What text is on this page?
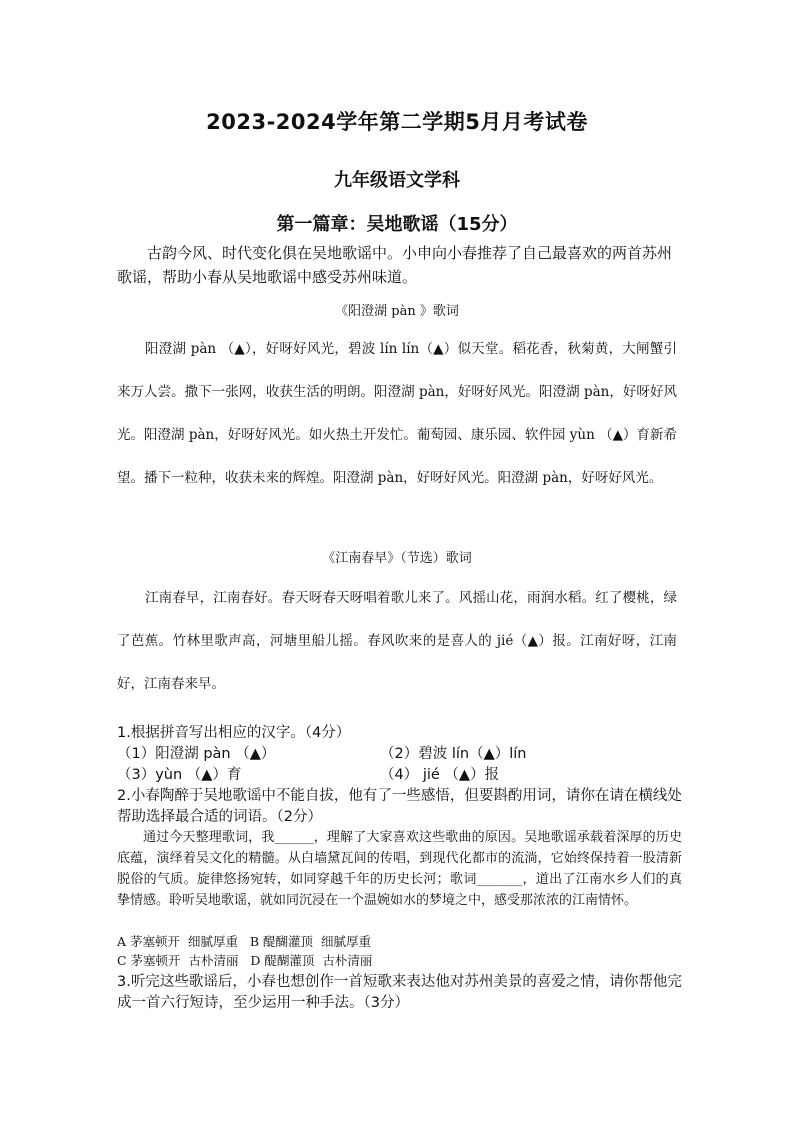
2023-2024学年第二学期5月月考试卷
九年级语文学科
第一篇章：吴地歌谣（15分）
古韵今风、时代变化俱在吴地歌谣中。小申向小春推荐了自己最喜欢的两首苏州歌谣，帮助小春从吴地歌谣中感受苏州味道。
《阳澄湖 pàn 》歌词
阳澄湖 pàn （▲），好呀好风光，碧波 lín lín（▲）似天堂。稻花香，秋菊黄，大闸蟹引来万人尝。撒下一张网，收获生活的明朗。阳澄湖 pàn，好呀好风光。阳澄湖 pàn，好呀好风光。阳澄湖 pàn，好呀好风光。如火热土开发忙。葡萄园、康乐园、软件园 yùn （▲）育新希望。播下一粒种，收获未来的辉煌。阳澄湖 pàn，好呀好风光。阳澄湖 pàn，好呀好风光。
《江南春早》（节选）歌词
江南春早，江南春好。春天呀春天呀唱着歌儿来了。风摇山花，雨润水稻。红了樱桃，绿了芭蕉。竹林里歌声高，河塘里船儿摇。春风吹来的是喜人的 jié（▲）报。江南好呀，江南好，江南春来早。
1.根据拼音写出相应的汉字。（4分）
（1）阳澄湖 pàn （▲）	（2）碧波 lín（▲）lín
（3）yùn （▲）育	（4） jié （▲）报
2.小春陶醉于吴地歌谣中不能自拔，他有了一些感悟，但要斟酌用词，请你在请在横线处帮助选择最合适的词语。（2分）
通过今天整理歌词，我______，理解了大家喜欢这些歌曲的原因。吴地歌谣承载着深厚的历史底蕴，演绎着吴文化的精髓。从白墙黛瓦间的传唱，到现代化都市的流淌，它始终保持着一股清新脱俗的气质。旋律悠扬宛转，如同穿越千年的历史长河；歌词_______，道出了江南水乡人们的真挚情感。聆听吴地歌谣，就如同沉浸在一个温婉如水的梦境之中，感受那浓浓的江南情怀。
A 茅塞顿开  细腻厚重   B 醍醐灌顶  细腻厚重
C 茅塞顿开  古朴清丽   D 醍醐灌顶  古朴清丽
3.听完这些歌谣后，小春也想创作一首短歌来表达他对苏州美景的喜爱之情，请你帮他完成一首六行短诗，至少运用一种手法。（3分）
